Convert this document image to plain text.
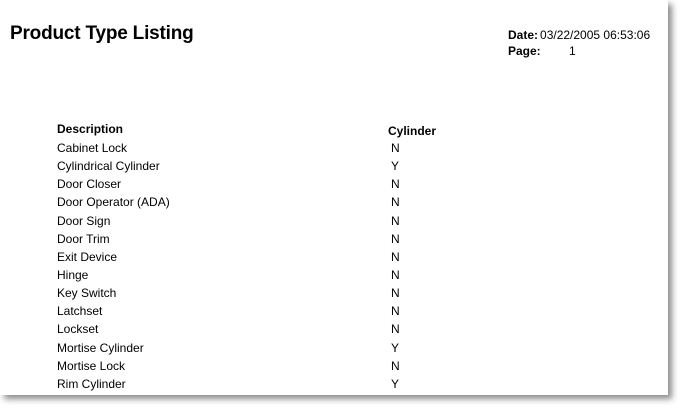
Product Type Listing	Date: 03/22/2005 06:53:06
Page:	1
Description	Cylinder
Cabinet Lock	N
Cylindrical Cylinder	Y
Door Closer	N
Door Operator (ADA)	N
Door Sign	N
Door Trim	N
Exit Device	N
Hinge	N
Key Switch	N
Latchset	N
Lockset	N
Mortise Cylinder	Y
Mortise Lock	N
Rim Cylinder	Y
